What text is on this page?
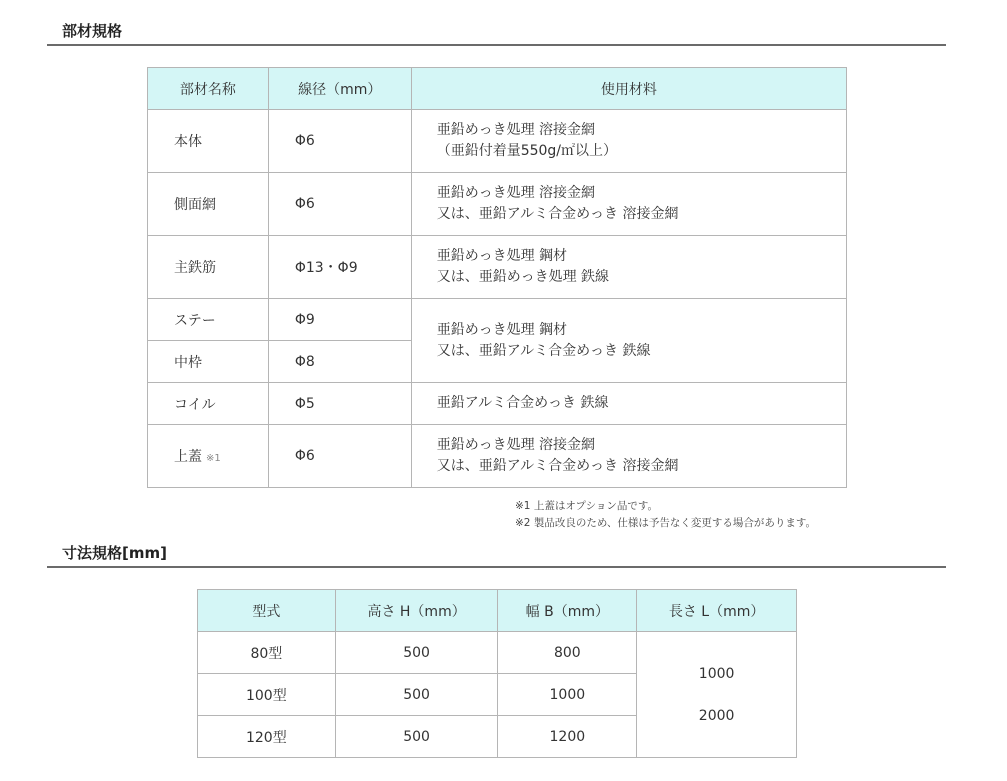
部材規格
部材名称	線径（mm）	使用材料
本体	Φ6	亜鉛めっき処理 溶接金網
（亜鉛付着量550g/㎡以上）

側面網	Φ6	亜鉛めっき処理 溶接金網
又は、亜鉛アルミ合金めっき 溶接金網

主鉄筋	Φ13・Φ9	亜鉛めっき処理 鋼材
又は、亜鉛めっき処理 鉄線

ステー	Φ9	亜鉛めっき処理 鋼材
又は、亜鉛アルミ合金めっき 鉄線

中枠	Φ8	
コイル	Φ5	亜鉛アルミ合金めっき 鉄線

上蓋 ※1	Φ6	亜鉛めっき処理 溶接金網
又は、亜鉛アルミ合金めっき 溶接金網
※1 上蓋はオプション品です。
※2 製品改良のため、仕様は予告なく変更する場合があります。
寸法規格[mm]
型式	高さ H（mm）	幅 B（mm）	長さ L（mm）
80型	500	800	1000
2000

100型	500	1000	
120型	500	1200	
